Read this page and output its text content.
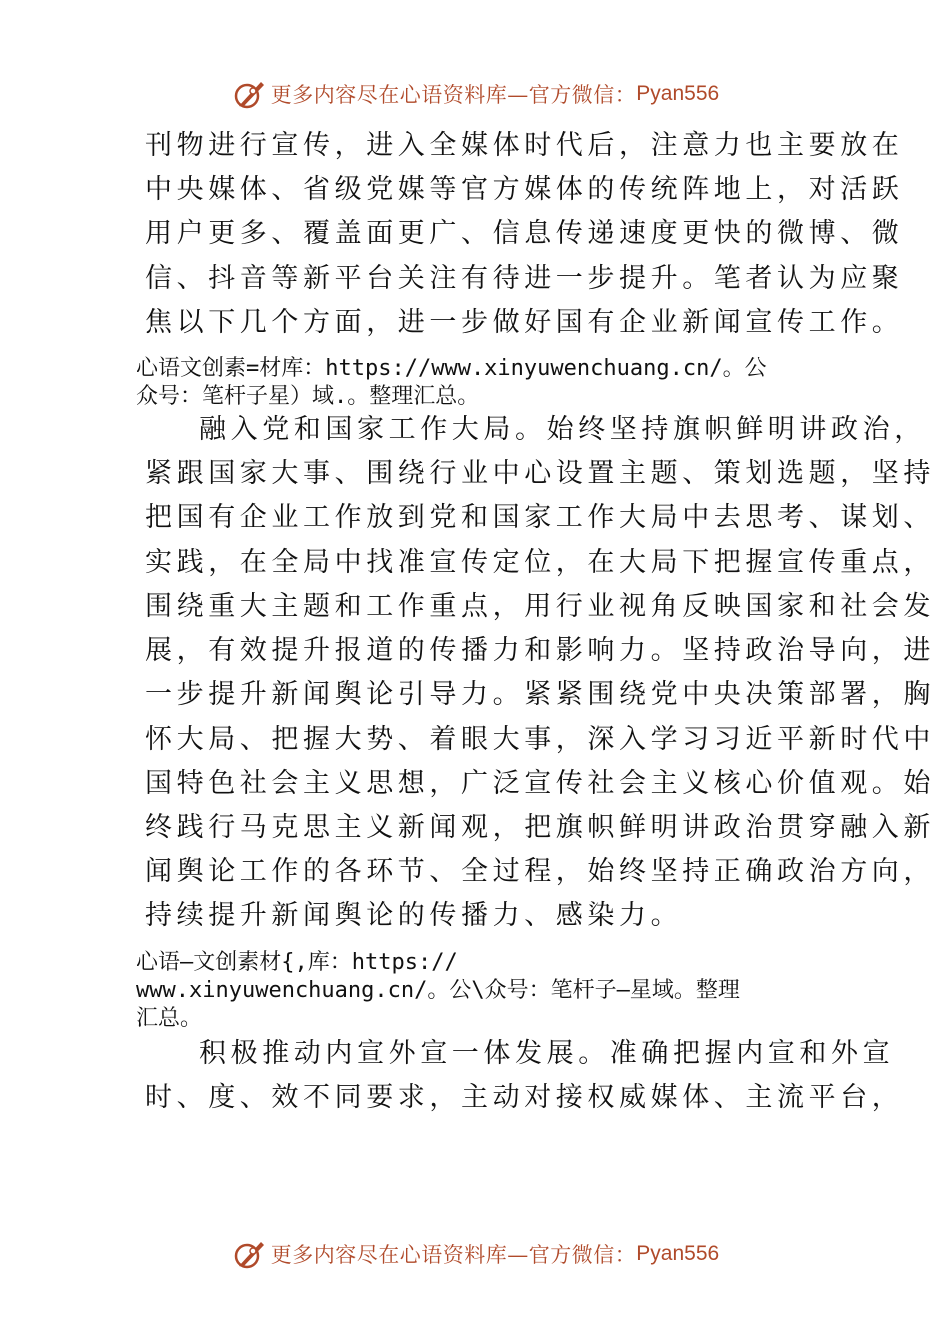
更多内容尽在心语资料库—官方微信： Pyan556
刊物进行宣传，进入全媒体时代后，注意力也主要放在
中央媒体、省级党媒等官方媒体的传统阵地上，对活跃
用户更多、覆盖面更广、信息传递速度更快的微博、微
信、抖音等新平台关注有待进一步提升。笔者认为应聚
焦以下几个方面，进一步做好国有企业新闻宣传工作。
心语文创素=材库：https://www.xinyuwenchuang.cn/。公
众号：笔杆子星）域.。整理汇总。
融入党和国家工作大局。始终坚持旗帜鲜明讲政治，
紧跟国家大事、围绕行业中心设置主题、策划选题，坚持
把国有企业工作放到党和国家工作大局中去思考、谋划、
实践，在全局中找准宣传定位，在大局下把握宣传重点，
围绕重大主题和工作重点，用行业视角反映国家和社会发
展，有效提升报道的传播力和影响力。坚持政治导向，进
一步提升新闻舆论引导力。紧紧围绕党中央决策部署，胸
怀大局、把握大势、着眼大事，深入学习习近平新时代中
国特色社会主义思想，广泛宣传社会主义核心价值观。始
终践行马克思主义新闻观，把旗帜鲜明讲政治贯穿融入新
闻舆论工作的各环节、全过程，始终坚持正确政治方向，
持续提升新闻舆论的传播力、感染力。
心语—文创素材{,库：https://
www.xinyuwenchuang.cn/。公\众号：笔杆子—星域。整理
汇总。
积极推动内宣外宣一体发展。准确把握内宣和外宣
时、度、效不同要求，主动对接权威媒体、主流平台，
更多内容尽在心语资料库—官方微信： Pyan556
